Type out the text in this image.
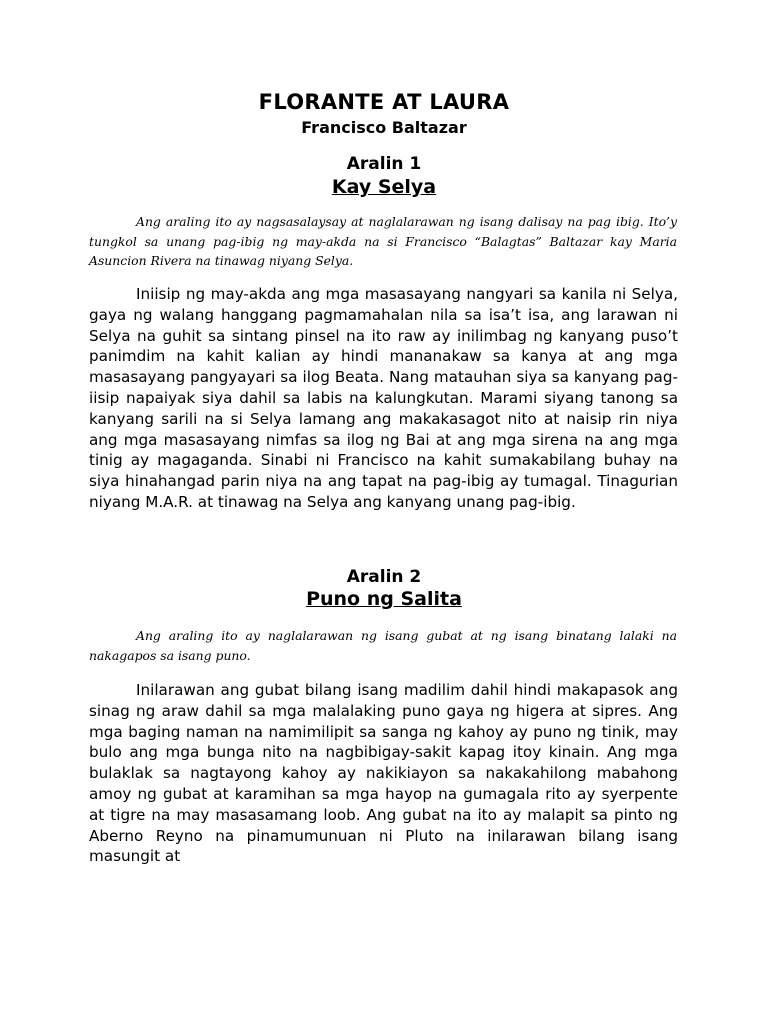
FLORANTE AT LAURA
Francisco Baltazar
Aralin 1
Kay Selya

Ang araling ito ay nagsasalaysay at naglalarawan ng isang dalisay na pag ibig. Ito’y tungkol sa unang pag-ibig ng may-akda na si Francisco “Balagtas” Baltazar kay Maria Asuncion Rivera na tinawag niyang Selya.

Iniisip ng may-akda ang mga masasayang nangyari sa kanila ni Selya, gaya ng walang hanggang pagmamahalan nila sa isa’t isa, ang larawan ni Selya na guhit sa sintang pinsel na ito raw ay inilimbag ng kanyang puso’t panimdim na kahit kalian ay hindi mananakaw sa kanya at ang mga masasayang pangyayari sa ilog Beata. Nang matauhan siya sa kanyang pag-iisip napaiyak siya dahil sa labis na kalungkutan. Marami siyang tanong sa kanyang sarili na si Selya lamang ang makakasagot nito at naisip rin niya ang mga masasayang nimfas sa ilog ng Bai at ang mga sirena na ang mga tinig ay magaganda. Sinabi ni Francisco na kahit sumakabilang buhay na siya hinahangad parin niya na ang tapat na pag-ibig ay tumagal. Tinagurian niyang M.A.R. at tinawag na Selya ang kanyang unang pag-ibig.

Aralin 2
Puno ng Salita

Ang araling ito ay naglalarawan ng isang gubat at ng isang binatang lalaki na nakagapos sa isang puno.

Inilarawan ang gubat bilang isang madilim dahil hindi makapasok ang sinag ng araw dahil sa mga malalaking puno gaya ng higera at sipres. Ang mga baging naman na namimilipit sa sanga ng kahoy ay puno ng tinik, may bulo ang mga bunga nito na nagbibigay-sakit kapag itoy kinain. Ang mga bulaklak sa nagtayong kahoy ay nakikiayon sa nakakahilong mabahong amoy ng gubat at karamihan sa mga hayop na gumagala rito ay syerpente at tigre na may masasamang loob. Ang gubat na ito ay malapit sa pinto ng Aberno Reyno na pinamumunuan ni Pluto na inilarawan bilang isang masungit at
